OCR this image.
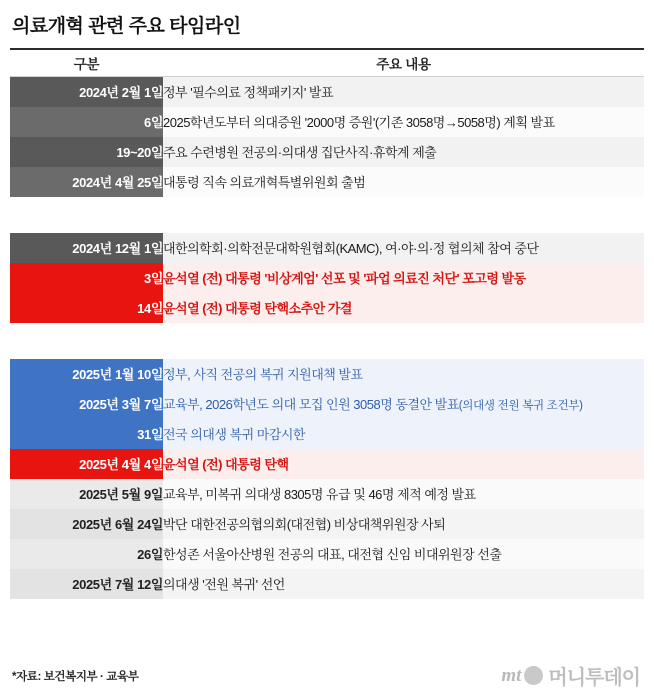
의료개혁 관련 주요 타임라인
구분	주요 내용
2024년 2월 1일	정부 '필수의료 정책패키지' 발표
6일	2025학년도부터 의대증원 '2000명 증원'(기존 3058명→5058명) 계획 발표
19~20일	주요 수련병원 전공의·의대생 집단사직·휴학계 제출
2024년 4월 25일	대통령 직속 의료개혁특별위원회 출범

2024년 12월 1일	대한의학회·의학전문대학원협회(KAMC), 여·야·의·정 협의체 참여 중단
3일	윤석열 (전) 대통령 '비상계엄' 선포 및 '파업 의료진 처단' 포고령 발동
14일	윤석열 (전) 대통령 탄핵소추안 가결

2025년 1월 10일	정부, 사직 전공의 복귀 지원대책 발표
2025년 3월 7일	교육부, 2026학년도 의대 모집 인원 3058명 동결안 발표(의대생 전원 복귀 조건부)
31일	전국 의대생 복귀 마감시한
2025년 4월 4일	윤석열 (전) 대통령 탄핵
2025년 5월 9일	교육부, 미복귀 의대생 8305명 유급 및 46명 제적 예정 발표
2025년 6월 24일	박단 대한전공의협의회(대전협) 비상대책위원장 사퇴
26일	한성존 서울아산병원 전공의 대표, 대전협 신임 비대위원장 선출
2025년 7월 12일	의대생 '전원 복귀' 선언
*자료: 보건복지부 · 교육부	mt 머니투데이
